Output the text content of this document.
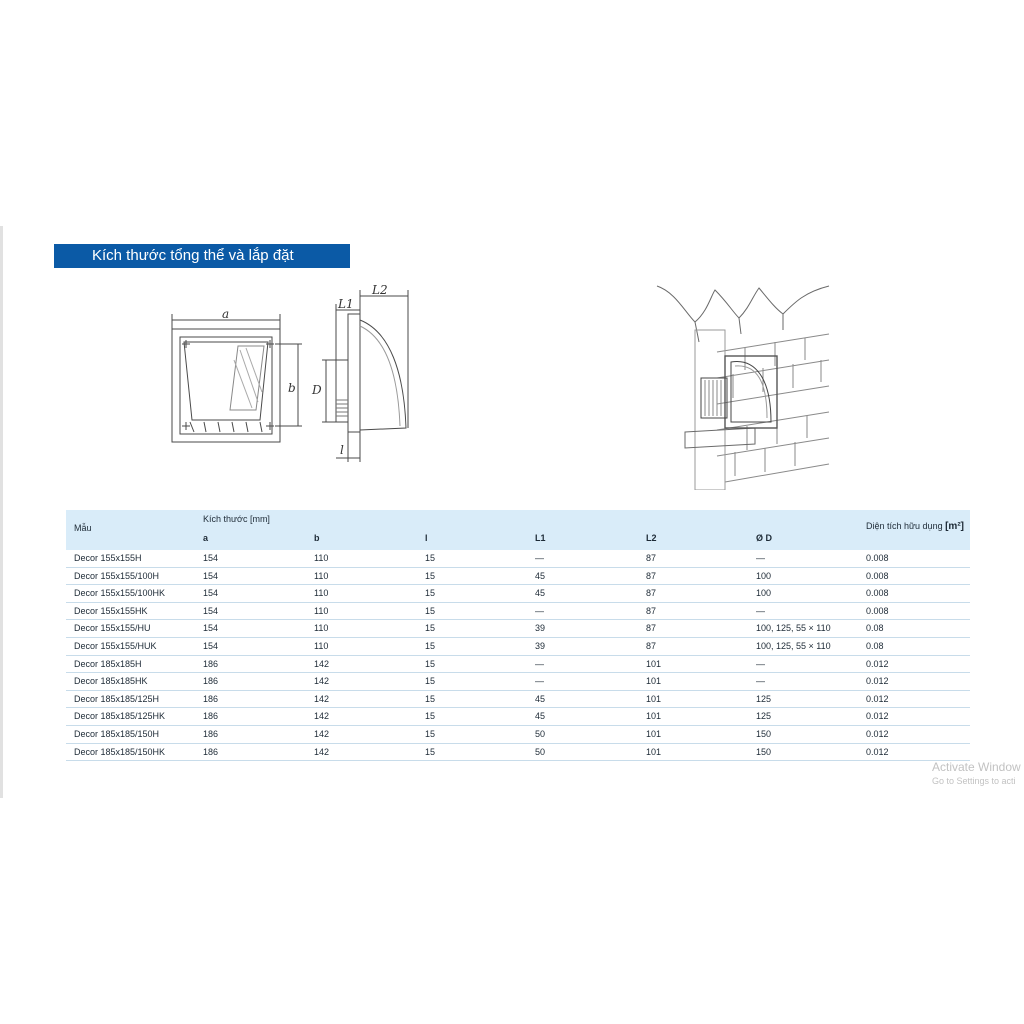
Kích thước tổng thể và lắp đặt
a
b D
L1
L2
l
Mẫu
Kích thước [mm]
a	b	l	L1	L2	Ø D
Diện tích hữu dụng [m²]
Decor 155x155H	154	110	15	—	87	—	0.008
Decor 155x155/100H	154	110	15	45	87	100	0.008
Decor 155x155/100HK	154	110	15	45	87	100	0.008
Decor 155x155HK	154	110	15	—	87	—	0.008
Decor 155x155/HU	154	110	15	39	87	100, 125, 55 × 110	0.08
Decor 155x155/HUK	154	110	15	39	87	100, 125, 55 × 110	0.08
Decor 185x185H	186	142	15	—	101	—	0.012
Decor 185x185HK	186	142	15	—	101	—	0.012
Decor 185x185/125H	186	142	15	45	101	125	0.012
Decor 185x185/125HK	186	142	15	45	101	125	0.012
Decor 185x185/150H	186	142	15	50	101	150	0.012
Decor 185x185/150HK	186	142	15	50	101	150	0.012
Activate Window
Go to Settings to acti
